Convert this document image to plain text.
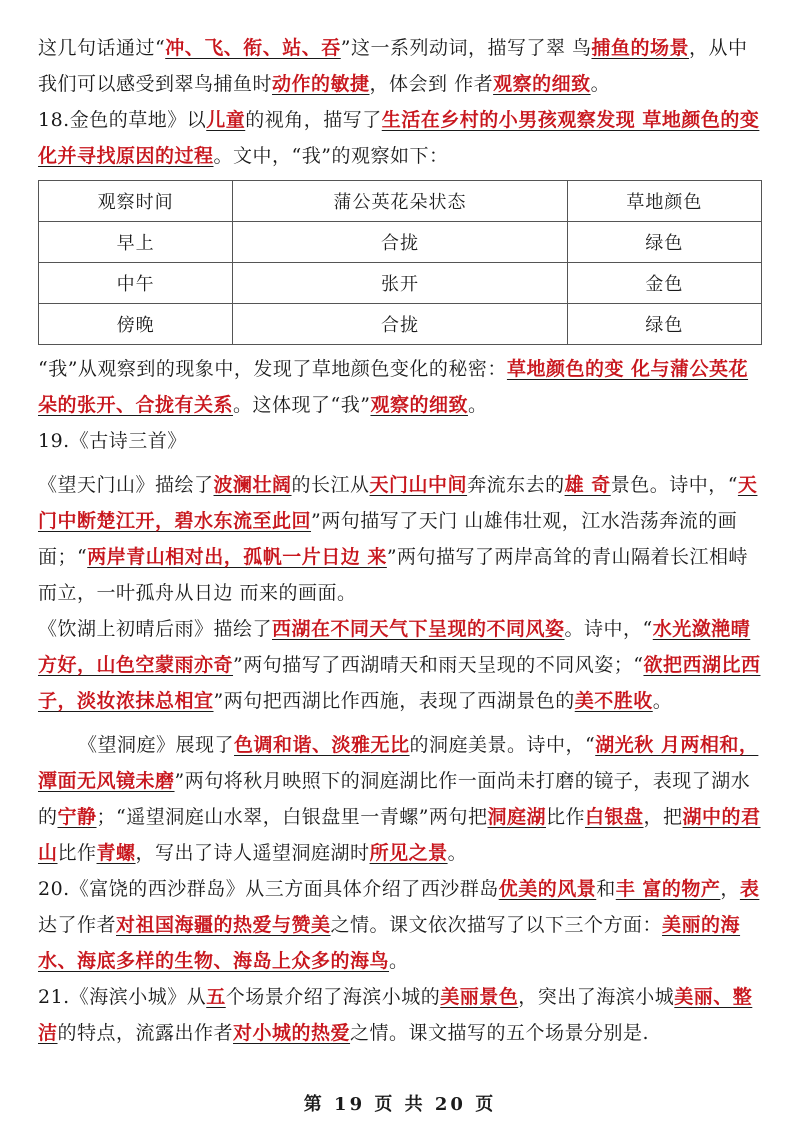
这几句话通过“冲、飞、衔、站、吞”这一系列动词，描写了翠 鸟捕鱼的场景，从中我们可以感受到翠鸟捕鱼时动作的敏捷，体会到 作者观察的细致。

18.金色的草地》以儿童的视角，描写了生活在乡村的小男孩观察发现 草地颜色的变化并寻找原因的过程。文中，“我”的观察如下：

观察时间	蒲公英花朵状态	草地颜色
早上	合拢	绿色
中午	张开	金色
傍晚	合拢	绿色

“我”从观察到的现象中，发现了草地颜色变化的秘密：草地颜色的变 化与蒲公英花朵的张开、合拢有关系。这体现了“我”观察的细致。

19.《古诗三首》

《望天门山》描绘了波澜壮阔的长江从天门山中间奔流东去的雄 奇景色。诗中，“天门中断楚江开，碧水东流至此回”两句描写了天门 山雄伟壮观，江水浩荡奔流的画面；“两岸青山相对出，孤帆一片日边 来”两句描写了两岸高耸的青山隔着长江相峙而立，一叶孤舟从日边 而来的画面。

《饮湖上初晴后雨》描绘了西湖在不同天气下呈现的不同风姿。诗中，“水光潋滟晴方好，山色空蒙雨亦奇”两句描写了西湖晴天和雨天呈现的不同风姿；“欲把西湖比西子，淡妆浓抹总相宜”两句把西湖比作西施，表现了西湖景色的美不胜收。

《望洞庭》展现了色调和谐、淡雅无比的洞庭美景。诗中，“湖光秋 月两相和，潭面无风镜未磨”两句将秋月映照下的洞庭湖比作一面尚未打磨的镜子，表现了湖水的宁静；“遥望洞庭山水翠，白银盘里一青螺”两句把洞庭湖比作白银盘，把湖中的君山比作青螺，写出了诗人遥望洞庭湖时所见之景。

20.《富饶的西沙群岛》从三方面具体介绍了西沙群岛优美的风景和丰 富的物产，表达了作者对祖国海疆的热爱与赞美之情。课文依次描写了以下三个方面：美丽的海水、海底多样的生物、海岛上众多的海鸟。

21.《海滨小城》从五个场景介绍了海滨小城的美丽景色，突出了海滨小城美丽、整洁的特点，流露出作者对小城的热爱之情。课文描写的五个场景分别是.

第 19 页 共 20 页
